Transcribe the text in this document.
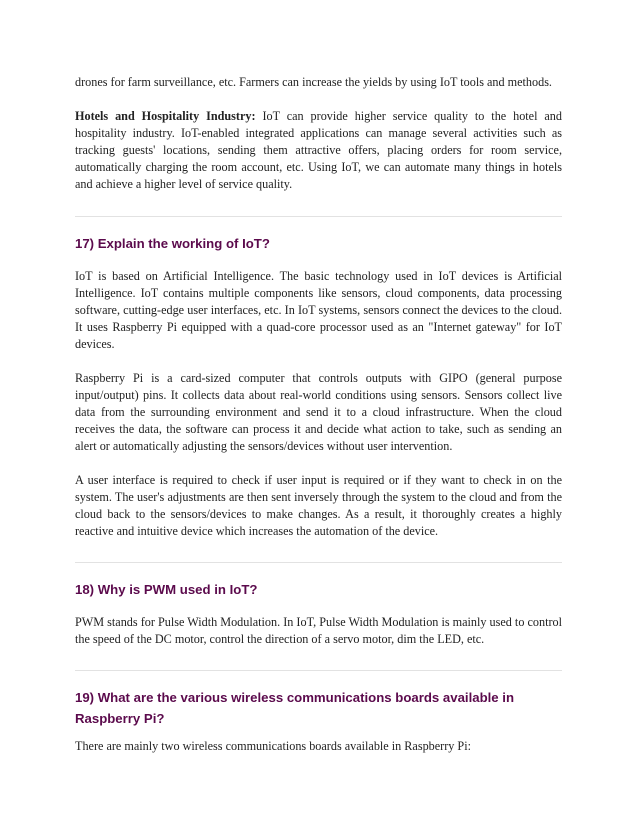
drones for farm surveillance, etc. Farmers can increase the yields by using IoT tools and methods.

Hotels and Hospitality Industry: IoT can provide higher service quality to the hotel and hospitality industry. IoT-enabled integrated applications can manage several activities such as tracking guests' locations, sending them attractive offers, placing orders for room service, automatically charging the room account, etc. Using IoT, we can automate many things in hotels and achieve a higher level of service quality.

17) Explain the working of IoT?

IoT is based on Artificial Intelligence. The basic technology used in IoT devices is Artificial Intelligence. IoT contains multiple components like sensors, cloud components, data processing software, cutting-edge user interfaces, etc. In IoT systems, sensors connect the devices to the cloud. It uses Raspberry Pi equipped with a quad-core processor used as an "Internet gateway" for IoT devices.

Raspberry Pi is a card-sized computer that controls outputs with GIPO (general purpose input/output) pins. It collects data about real-world conditions using sensors. Sensors collect live data from the surrounding environment and send it to a cloud infrastructure. When the cloud receives the data, the software can process it and decide what action to take, such as sending an alert or automatically adjusting the sensors/devices without user intervention.

A user interface is required to check if user input is required or if they want to check in on the system. The user's adjustments are then sent inversely through the system to the cloud and from the cloud back to the sensors/devices to make changes. As a result, it thoroughly creates a highly reactive and intuitive device which increases the automation of the device.

18) Why is PWM used in IoT?

PWM stands for Pulse Width Modulation. In IoT, Pulse Width Modulation is mainly used to control the speed of the DC motor, control the direction of a servo motor, dim the LED, etc.

19) What are the various wireless communications boards available in Raspberry Pi?

There are mainly two wireless communications boards available in Raspberry Pi:
